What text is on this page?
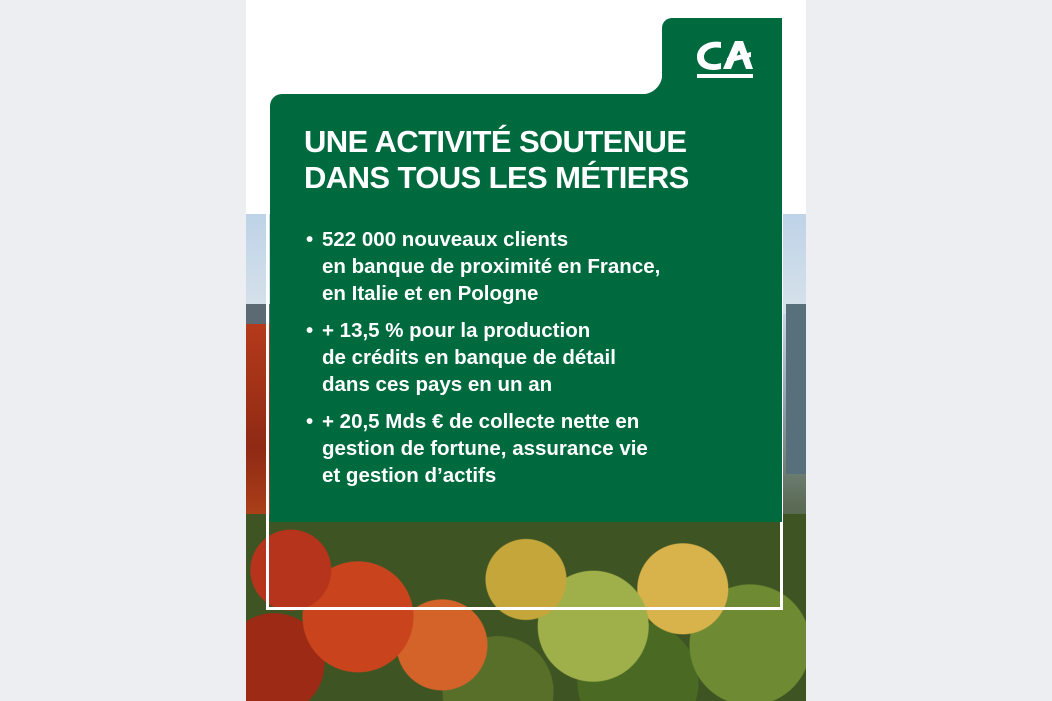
UNE ACTIVITÉ SOUTENUE
DANS TOUS LES MÉTIERS
• 522 000 nouveaux clients
en banque de proximité en France,
en Italie et en Pologne
• + 13,5 % pour la production
de crédits en banque de détail
dans ces pays en un an
• + 20,5 Mds € de collecte nette en
gestion de fortune, assurance vie
et gestion d’actifs
